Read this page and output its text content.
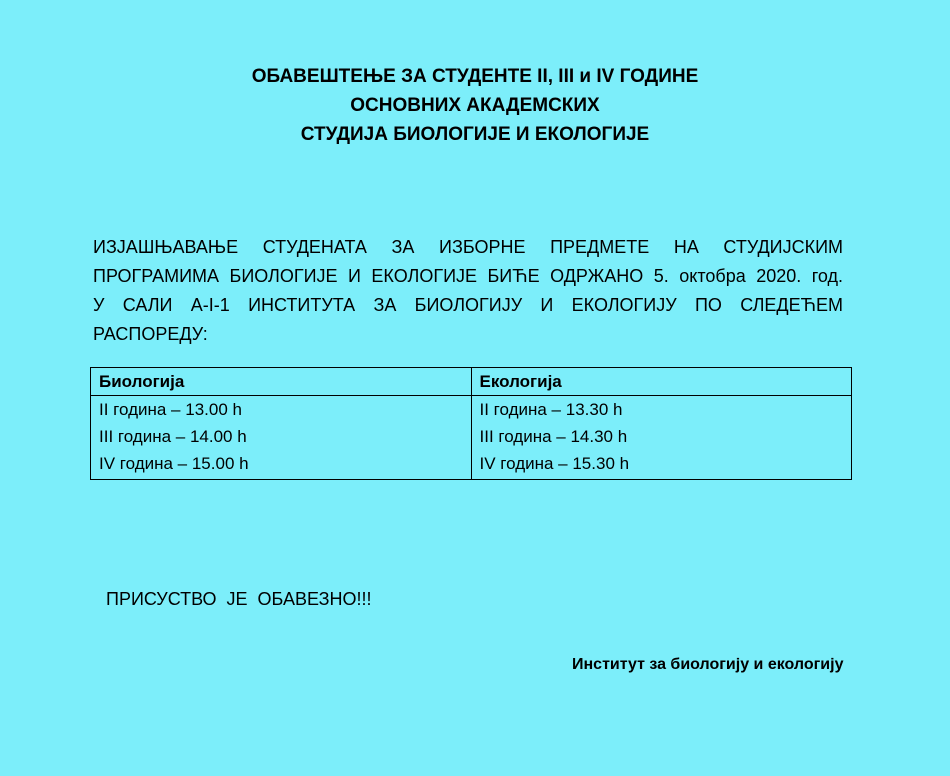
ОБАВЕШТЕЊЕ ЗА СТУДЕНТЕ II, III и IV ГОДИНЕ
ОСНОВНИХ АКАДЕМСКИХ
СТУДИЈА БИОЛОГИЈЕ И ЕКОЛОГИЈЕ
ИЗЈАШЊАВАЊЕ СТУДЕНАТА ЗА ИЗБОРНЕ ПРЕДМЕТЕ НА СТУДИЈСКИМ
ПРОГРАМИМА БИОЛОГИЈЕ И ЕКОЛОГИЈЕ БИЋЕ ОДРЖАНО 5. октобра 2020. год.
У САЛИ А-I-1 ИНСТИТУТА ЗА БИОЛОГИЈУ И ЕКОЛОГИЈУ ПО СЛЕДЕЋЕМ
РАСПОРЕДУ:
Биологија	Екологија
II година – 13.00 h	II година – 13.30 h
III година – 14.00 h	III година – 14.30 h
IV година – 15.00 h	IV година – 15.30 h
ПРИСУСТВО  ЈЕ  ОБАВЕЗНО!!!
Институт за биологију и екологију
